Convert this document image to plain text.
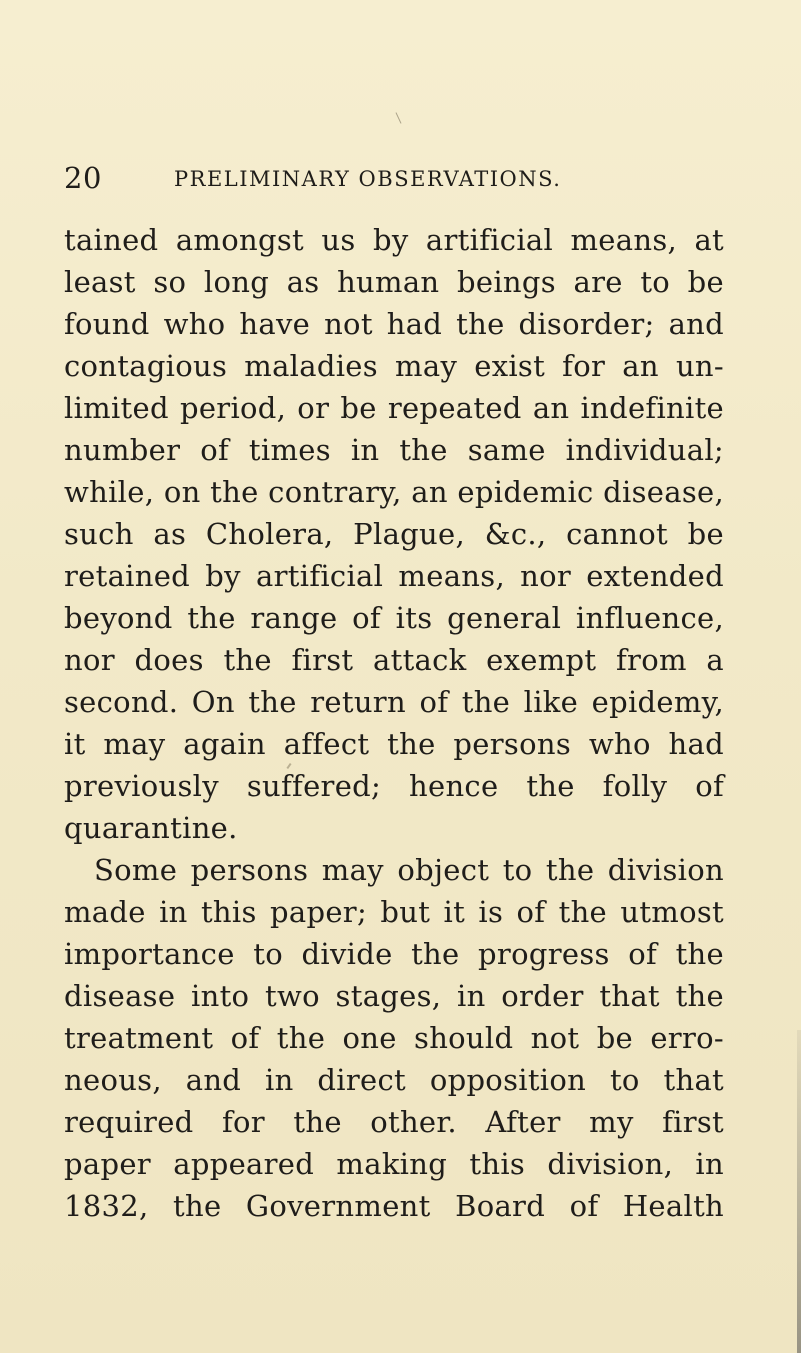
20	PRELIMINARY OBSERVATIONS.
tained amongst us by artificial means, at
least so long as human beings are to be
found who have not had the disorder; and
contagious maladies may exist for an un-
limited period, or be repeated an indefinite
number of times in the same individual;
while, on the contrary, an epidemic disease,
such as Cholera, Plague, &c., cannot be
retained by artificial means, nor extended
beyond the range of its general influence,
nor does the first attack exempt from a
second. On the return of the like epidemy,
it may again affect the persons who had
previously suffered; hence the folly of
quarantine.
Some persons may object to the division
made in this paper; but it is of the utmost
importance to divide the progress of the
disease into two stages, in order that the
treatment of the one should not be erro-
neous, and in direct opposition to that
required for the other. After my first
paper appeared making this division, in
1832, the Government Board of Health
